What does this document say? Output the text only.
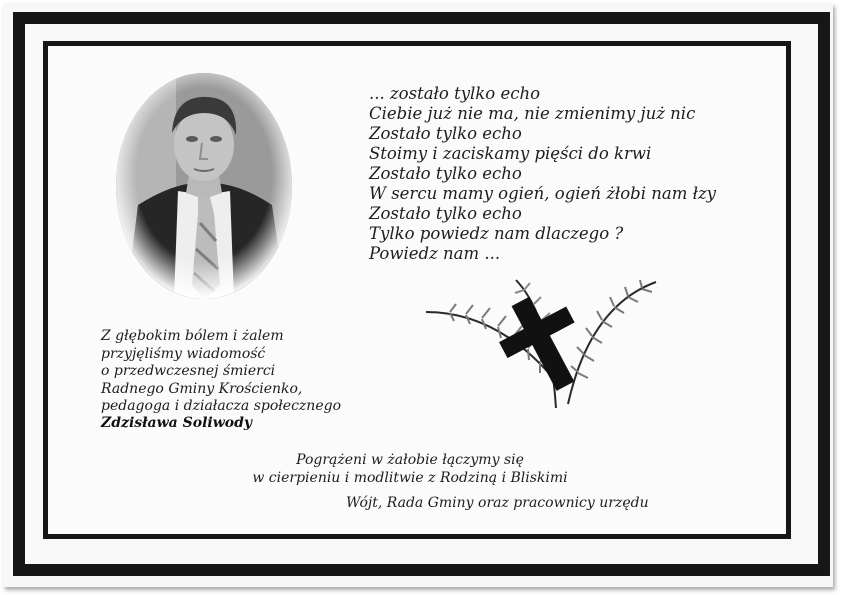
... zostało tylko echo
Ciebie już nie ma, nie zmienimy już nic
Zostało tylko echo
Stoimy i zaciskamy pięści do krwi
Zostało tylko echo
W sercu mamy ogień, ogień żłobi nam łzy
Zostało tylko echo
Tylko powiedz nam dlaczego ?
Powiedz nam ...
Z głębokim bólem i żalem
przyjęliśmy wiadomość
o przedwczesnej śmierci
Radnego Gminy Krościenko,
pedagoga i działacza społecznego
Zdzisława Soliwody
Pogrążeni w żałobie łączymy się
w cierpieniu i modlitwie z Rodziną i Bliskimi
Wójt, Rada Gminy oraz pracownicy urzędu
